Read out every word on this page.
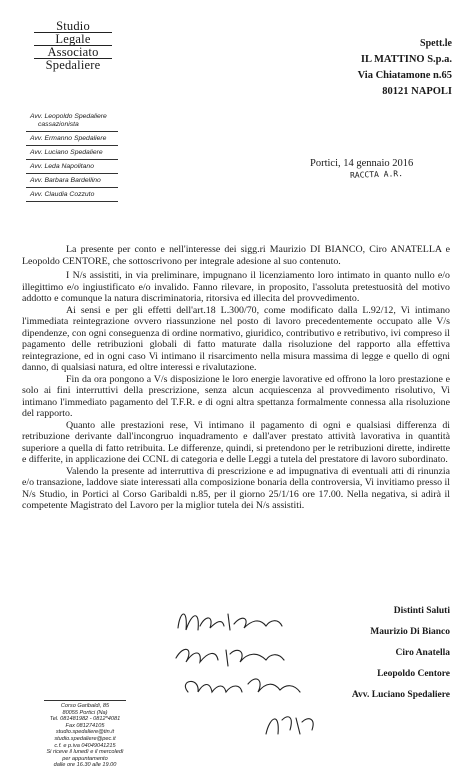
Studio
Legale
Associato
Spedaliere
Avv. Leopoldo Spedaliere
cassazionista
Avv. Ermanno Spedaliere
Avv. Luciano Spedaliere
Avv. Leda Napolitano
Avv. Barbara Bardellino
Avv. Claudia Cozzuto
Spett.le
IL MATTINO S.p.a.
Via Chiatamone n.65
80121 NAPOLI
Portici, 14 gennaio 2016
RACCTA A.R.

La presente per conto e nell'interesse dei sigg.ri Maurizio DI BIANCO, Ciro ANATELLA e Leopoldo CENTORE, che sottoscrivono per integrale adesione al suo contenuto.

I N/s assistiti, in via preliminare, impugnano il licenziamento loro intimato in quanto nullo e/o illegittimo e/o ingiustificato e/o invalido. Fanno rilevare, in proposito, l'assoluta pretestuosità del motivo addotto e comunque la natura discriminatoria, ritorsiva ed illecita del provvedimento.

Ai sensi e per gli effetti dell'art.18 L.300/70, come modificato dalla L.92/12, Vi intimano l'immediata reintegrazione ovvero riassunzione nel posto di lavoro precedentemente occupato alle V/s dipendenze, con ogni conseguenza di ordine normativo, giuridico, contributivo e retributivo, ivi compreso il pagamento delle retribuzioni globali di fatto maturate dalla risoluzione del rapporto alla effettiva reintegrazione, ed in ogni caso Vi intimano il risarcimento nella misura massima di legge e quello di ogni danno, di qualsiasi natura, ed oltre interessi e rivalutazione.

Fin da ora pongono a V/s disposizione le loro energie lavorative ed offrono la loro prestazione e solo ai fini interruttivi della prescrizione, senza alcun acquiescenza al provvedimento risolutivo, Vi intimano l'immediato pagamento del T.F.R. e di ogni altra spettanza formalmente connessa alla risoluzione del rapporto.

Quanto alle prestazioni rese, Vi intimano il pagamento di ogni e qualsiasi differenza di retribuzione derivante dall'incongruo inquadramento e dall'aver prestato attività lavorativa in quantità superiore a quella di fatto retribuita. Le differenze, quindi, si pretendono per le retribuzioni dirette, indirette e differite, in applicazione dei CCNL di categoria e delle Leggi a tutela del prestatore di lavoro subordinato.

Valendo la presente ad interruttiva di prescrizione e ad impugnativa di eventuali atti di rinunzia e/o transazione, laddove siate interessati alla composizione bonaria della controversia, Vi invitiamo presso il N/s Studio, in Portici al Corso Garibaldi n.85, per il giorno 25/1/16 ore 17.00. Nella negativa, si adirà il competente Magistrato del Lavoro per la miglior tutela dei N/s assistiti.

Distinti Saluti
Maurizio Di Bianco
Ciro Anatella
Leopoldo Centore
Avv. Luciano Spedaliere
Corso Garibaldi, 85
80055 Portici (Na)
Tel. 081481982 - 0812*4081
Fax 081274105
studio.spedaliere@tin.it
studio.spedaliere@pec.it
c.f. e p.iva 04049041215
Si riceve il lunedì e il mercoledì
per appuntamento
dalle ore 16.30 alle 19.00
